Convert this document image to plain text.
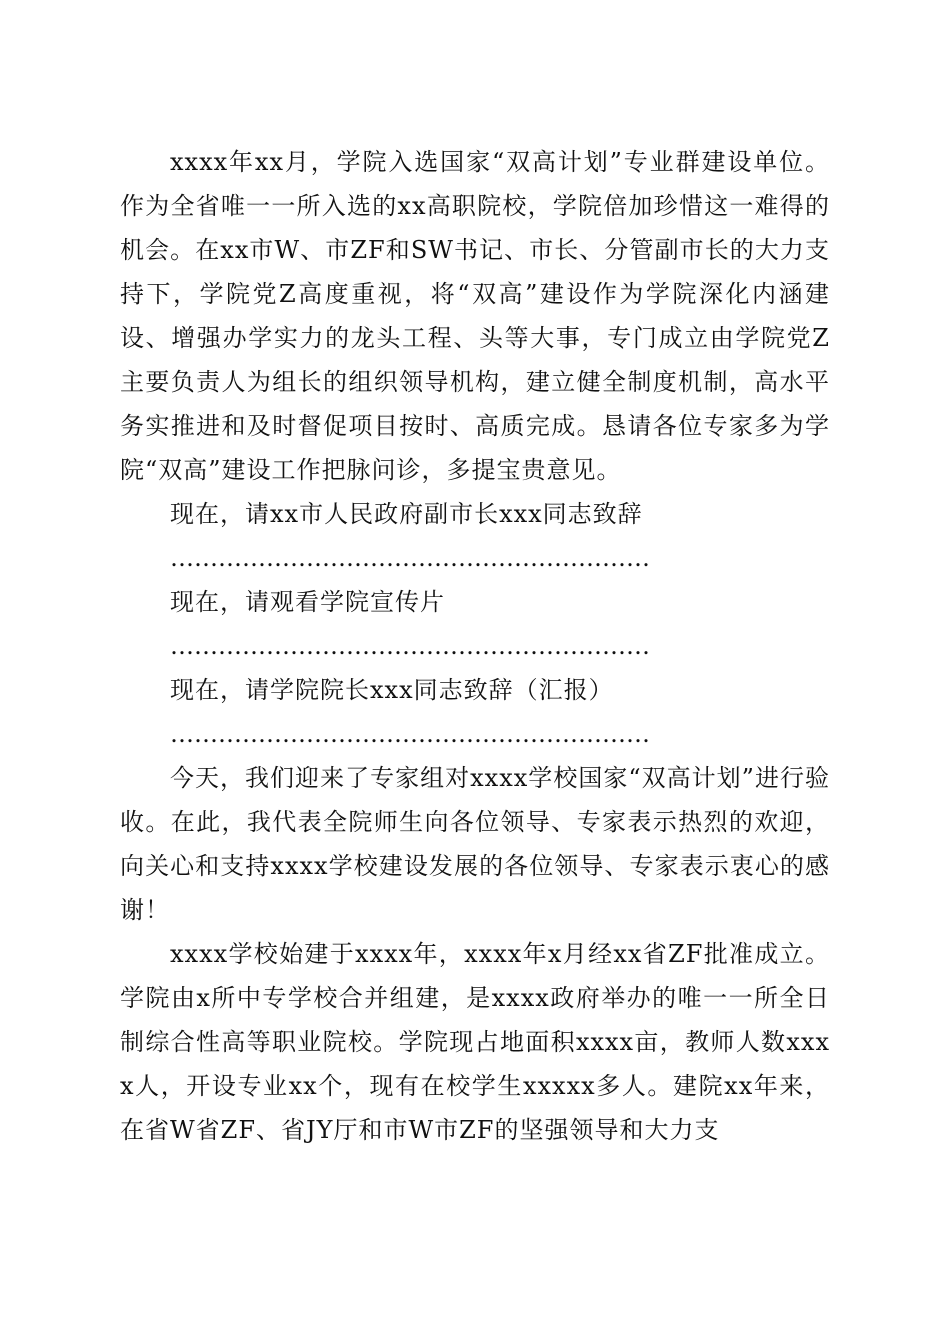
xxxx年xx月，学院入选国家“双高计划”专业群建设单位。作为全省唯一一所入选的xx高职院校，学院倍加珍惜这一难得的机会。在xx市W、市ZF和SW书记、市长、分管副市长的大力支持下，学院党Z高度重视，将“双高”建设作为学院深化内涵建设、增强办学实力的龙头工程、头等大事，专门成立由学院党Z主要负责人为组长的组织领导机构，建立健全制度机制，高水平务实推进和及时督促项目按时、高质完成。恳请各位专家多为学院“双高”建设工作把脉问诊，多提宝贵意见。

现在，请xx市人民政府副市长xxx同志致辞

……………………………………………………

现在，请观看学院宣传片

……………………………………………………

现在，请学院院长xxx同志致辞（汇报）

……………………………………………………

今天，我们迎来了专家组对xxxx学校国家“双高计划”进行验收。在此，我代表全院师生向各位领导、专家表示热烈的欢迎，向关心和支持xxxx学校建设发展的各位领导、专家表示衷心的感谢！

xxxx学校始建于xxxx年，xxxx年x月经xx省ZF批准成立。学院由x所中专学校合并组建，是xxxx政府举办的唯一一所全日制综合性高等职业院校。学院现占地面积xxxx亩，教师人数xxxx人，开设专业xx个，现有在校学生xxxxx多人。建院xx年来，在省W省ZF、省JY厅和市W市ZF的坚强领导和大力支
